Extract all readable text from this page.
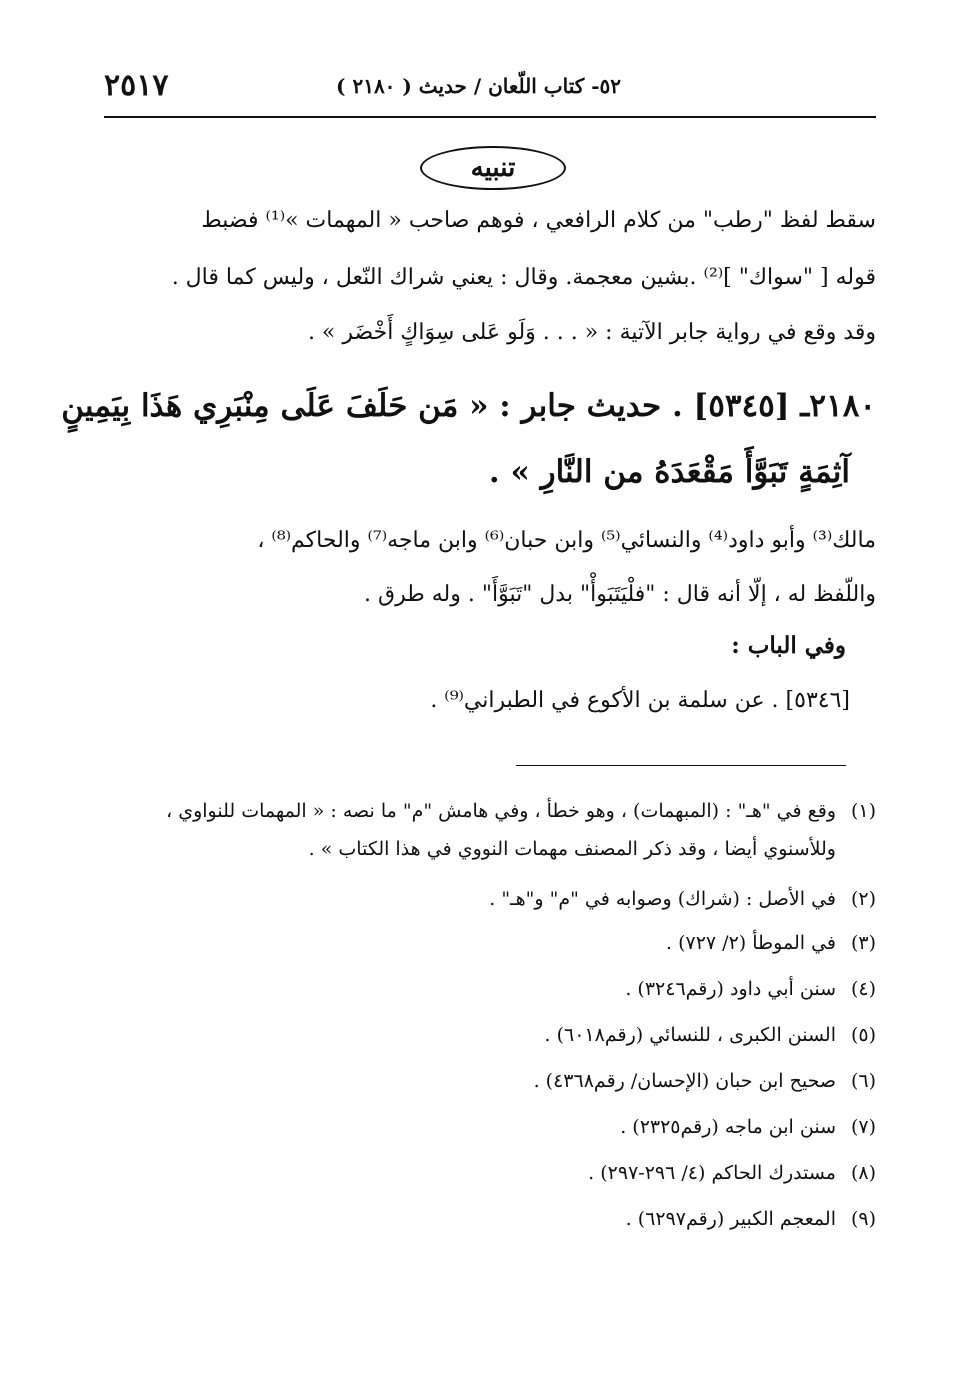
٥٢- كتاب اللّعان / حديث ( ٢١٨٠ )
٢٥١٧
تنبيه
سقط لفظ "رطب" من كلام الرافعي ، فوهم صاحب « المهمات »⁽¹⁾ فضبط
قوله [ "سواك" ]⁽²⁾ .بشين معجمة. وقال : يعني شراك النّعل ، وليس كما قال .
وقد وقع في رواية جابر الآتية : « . . . وَلَو عَلى سِوَاكٍ أَخْضَر » .
٢١٨٠ـ [٥٣٤٥] . حديث جابر : « مَن حَلَفَ عَلَى مِنْبَرِي هَذَا بِيَمِينٍ
آثِمَةٍ تَبَوَّأَ مَقْعَدَهُ من النَّارِ » .
مالك⁽³⁾ وأبو داود⁽⁴⁾ والنسائي⁽⁵⁾ وابن حبان⁽⁶⁾ وابن ماجه⁽⁷⁾ والحاكم⁽⁸⁾ ،
واللّفظ له ، إلّا أنه قال : "فلْيَتَبَوأْ" بدل "تَبَوَّأَ" . وله طرق .
وفي الباب :
[٥٣٤٦] . عن سلمة بن الأكوع في الطبراني⁽⁹⁾ .
(١)وقع في "هـ" : (المبهمات) ، وهو خطأ ، وفي هامش "م" ما نصه : « المهمات للنواوي ،
وللأسنوي أيضا ، وقد ذكر المصنف مهمات النووي في هذا الكتاب » .
(٢)في الأصل : (شراك) وصوابه في "م" و"هـ" .
(٣)في الموطأ (٢/ ٧٢٧) .
(٤)سنن أبي داود (رقم٣٢٤٦) .
(٥)السنن الكبرى ، للنسائي (رقم٦٠١٨) .
(٦)صحيح ابن حبان (الإحسان/ رقم٤٣٦٨) .
(٧)سنن ابن ماجه (رقم٢٣٢٥) .
(٨)مستدرك الحاكم (٤/ ٢٩٦-٢٩٧) .
(٩)المعجم الكبير (رقم٦٢٩٧) .
